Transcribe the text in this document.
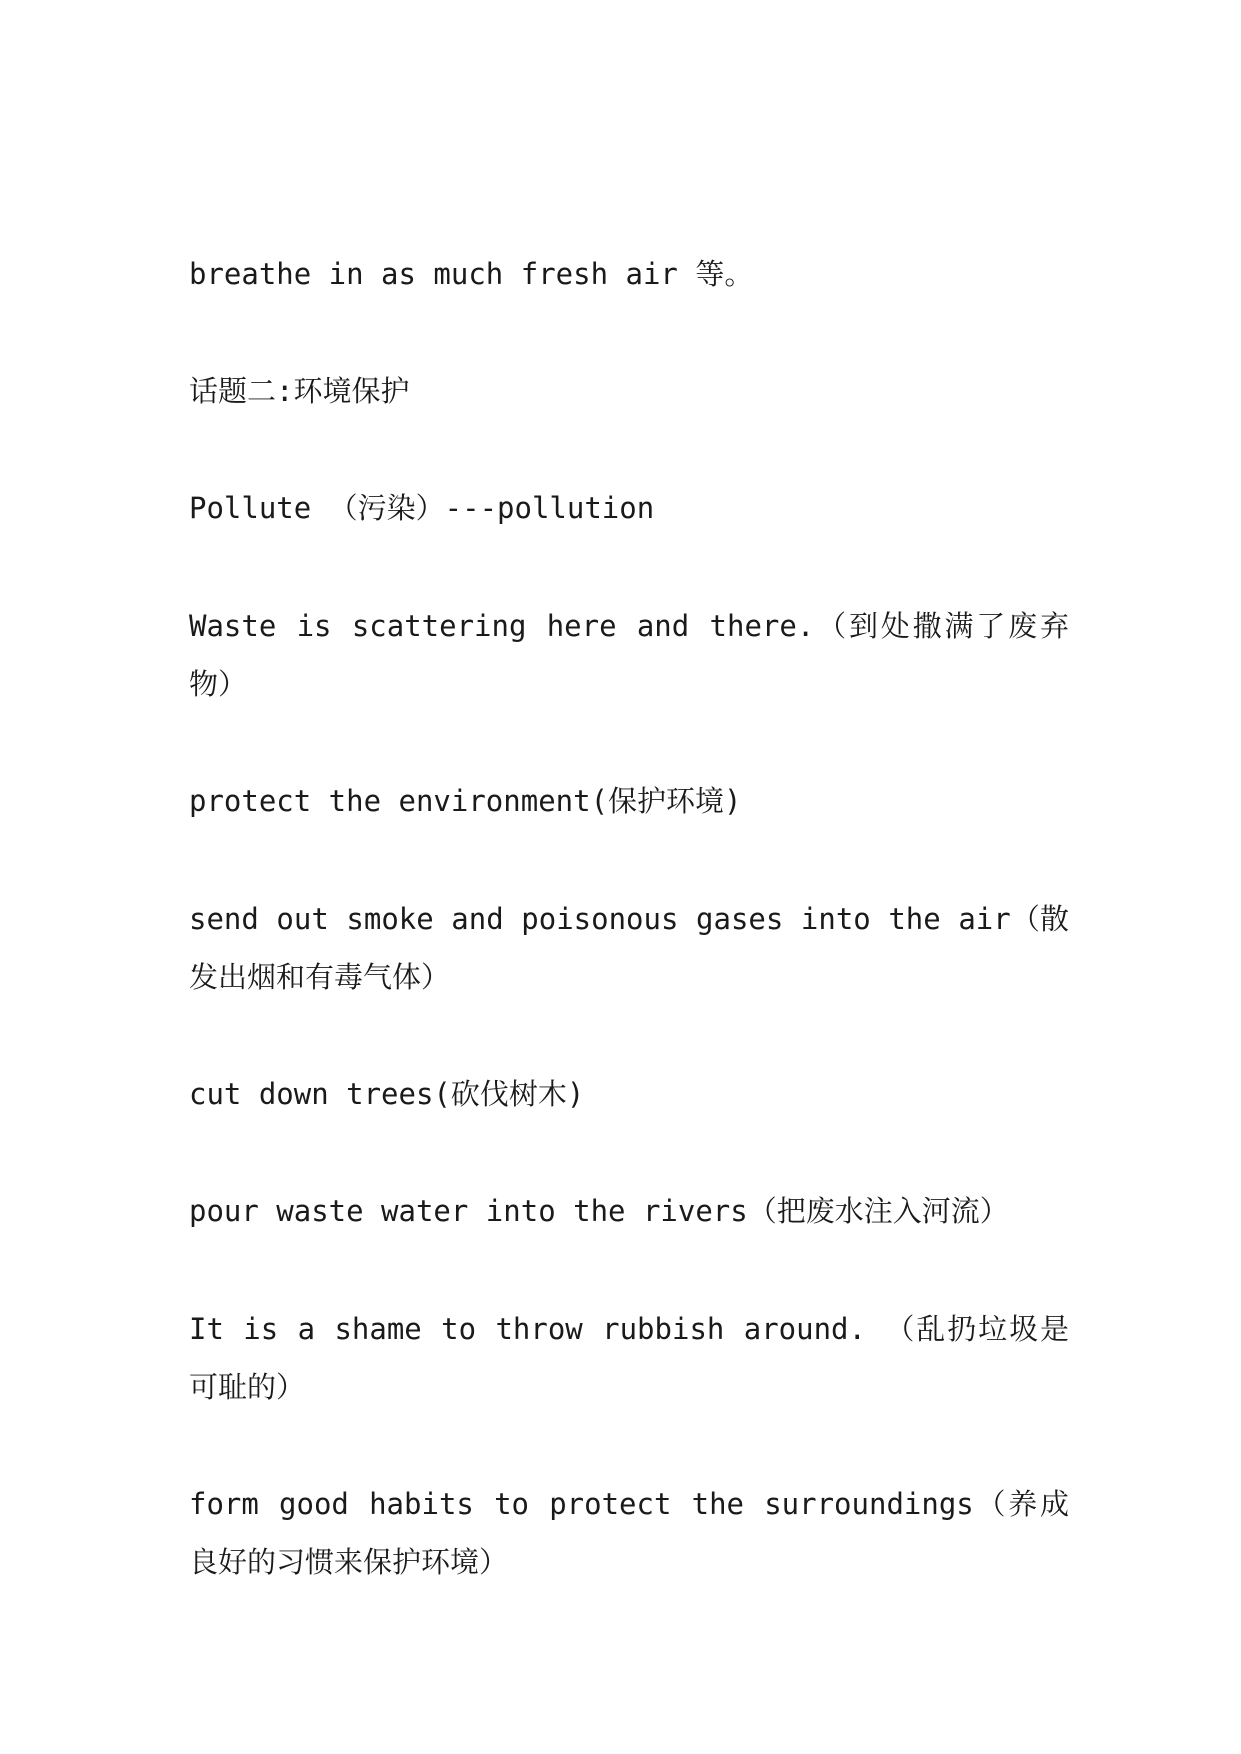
breathe in as much fresh air 等。

话题二:环境保护

Pollute （污染）---pollution

Waste is scattering here and there.（到处撒满了废弃物）

protect the environment(保护环境)

send out smoke and poisonous gases into the air（散发出烟和有毒气体）

cut down trees(砍伐树木)

pour waste water into the rivers（把废水注入河流）

It is a shame to throw rubbish around. （乱扔垃圾是可耻的）

form good habits to protect the surroundings（养成良好的习惯来保护环境）
